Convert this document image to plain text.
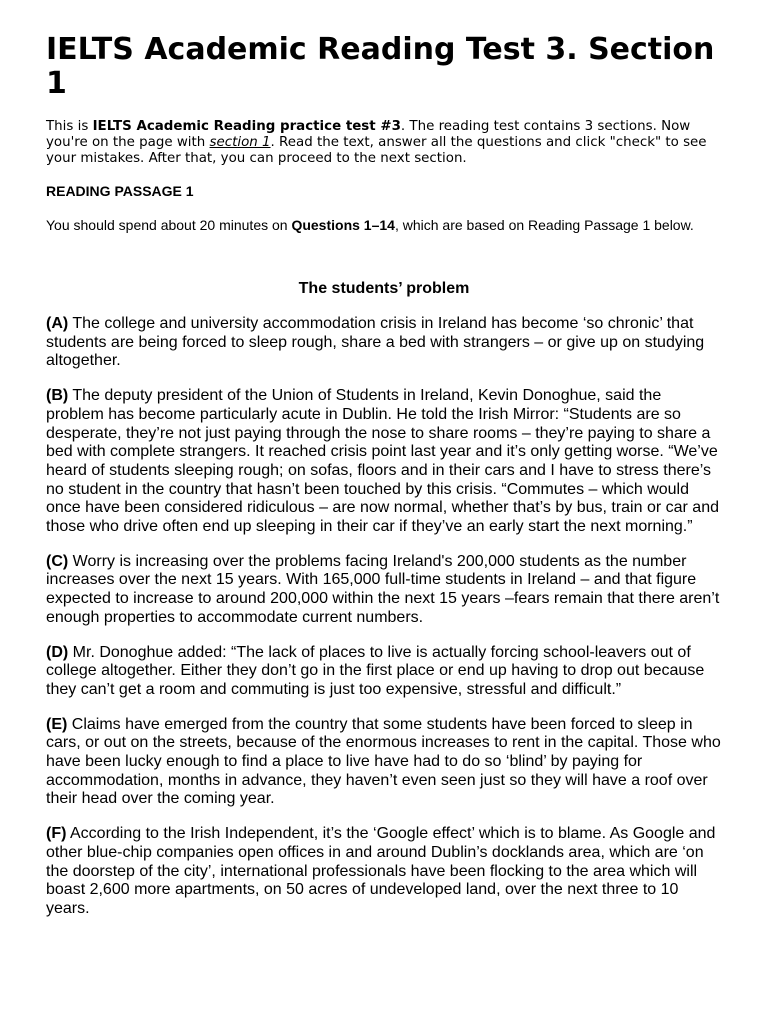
IELTS Academic Reading Test 3. Section 1

This is IELTS Academic Reading practice test #3. The reading test contains 3 sections. Now you're on the page with section 1. Read the text, answer all the questions and click "check" to see your mistakes. After that, you can proceed to the next section.

READING PASSAGE 1

You should spend about 20 minutes on Questions 1–14, which are based on Reading Passage 1 below.

The students’ problem

(A) The college and university accommodation crisis in Ireland has become ‘so chronic’ that students are being forced to sleep rough, share a bed with strangers – or give up on studying altogether.

(B) The deputy president of the Union of Students in Ireland, Kevin Donoghue, said the problem has become particularly acute in Dublin. He told the Irish Mirror: “Students are so desperate, they’re not just paying through the nose to share rooms – they’re paying to share a bed with complete strangers. It reached crisis point last year and it’s only getting worse. “We’ve heard of students sleeping rough; on sofas, floors and in their cars and I have to stress there’s no student in the country that hasn’t been touched by this crisis. “Commutes – which would once have been considered ridiculous – are now normal, whether that’s by bus, train or car and those who drive often end up sleeping in their car if they’ve an early start the next morning.”

(C) Worry is increasing over the problems facing Ireland's 200,000 students as the number increases over the next 15 years. With 165,000 full-time students in Ireland – and that figure expected to increase to around 200,000 within the next 15 years –fears remain that there aren’t enough properties to accommodate current numbers.

(D) Mr. Donoghue added: “The lack of places to live is actually forcing school-leavers out of college altogether. Either they don’t go in the first place or end up having to drop out because they can’t get a room and commuting is just too expensive, stressful and difficult.”

(E) Claims have emerged from the country that some students have been forced to sleep in cars, or out on the streets, because of the enormous increases to rent in the capital. Those who have been lucky enough to find a place to live have had to do so ‘blind’ by paying for accommodation, months in advance, they haven’t even seen just so they will have a roof over their head over the coming year.

(F) According to the Irish Independent, it’s the ‘Google effect’ which is to blame. As Google and other blue-chip companies open offices in and around Dublin’s docklands area, which are ‘on the doorstep of the city’, international professionals have been flocking to the area which will boast 2,600 more apartments, on 50 acres of undeveloped land, over the next three to 10 years.
